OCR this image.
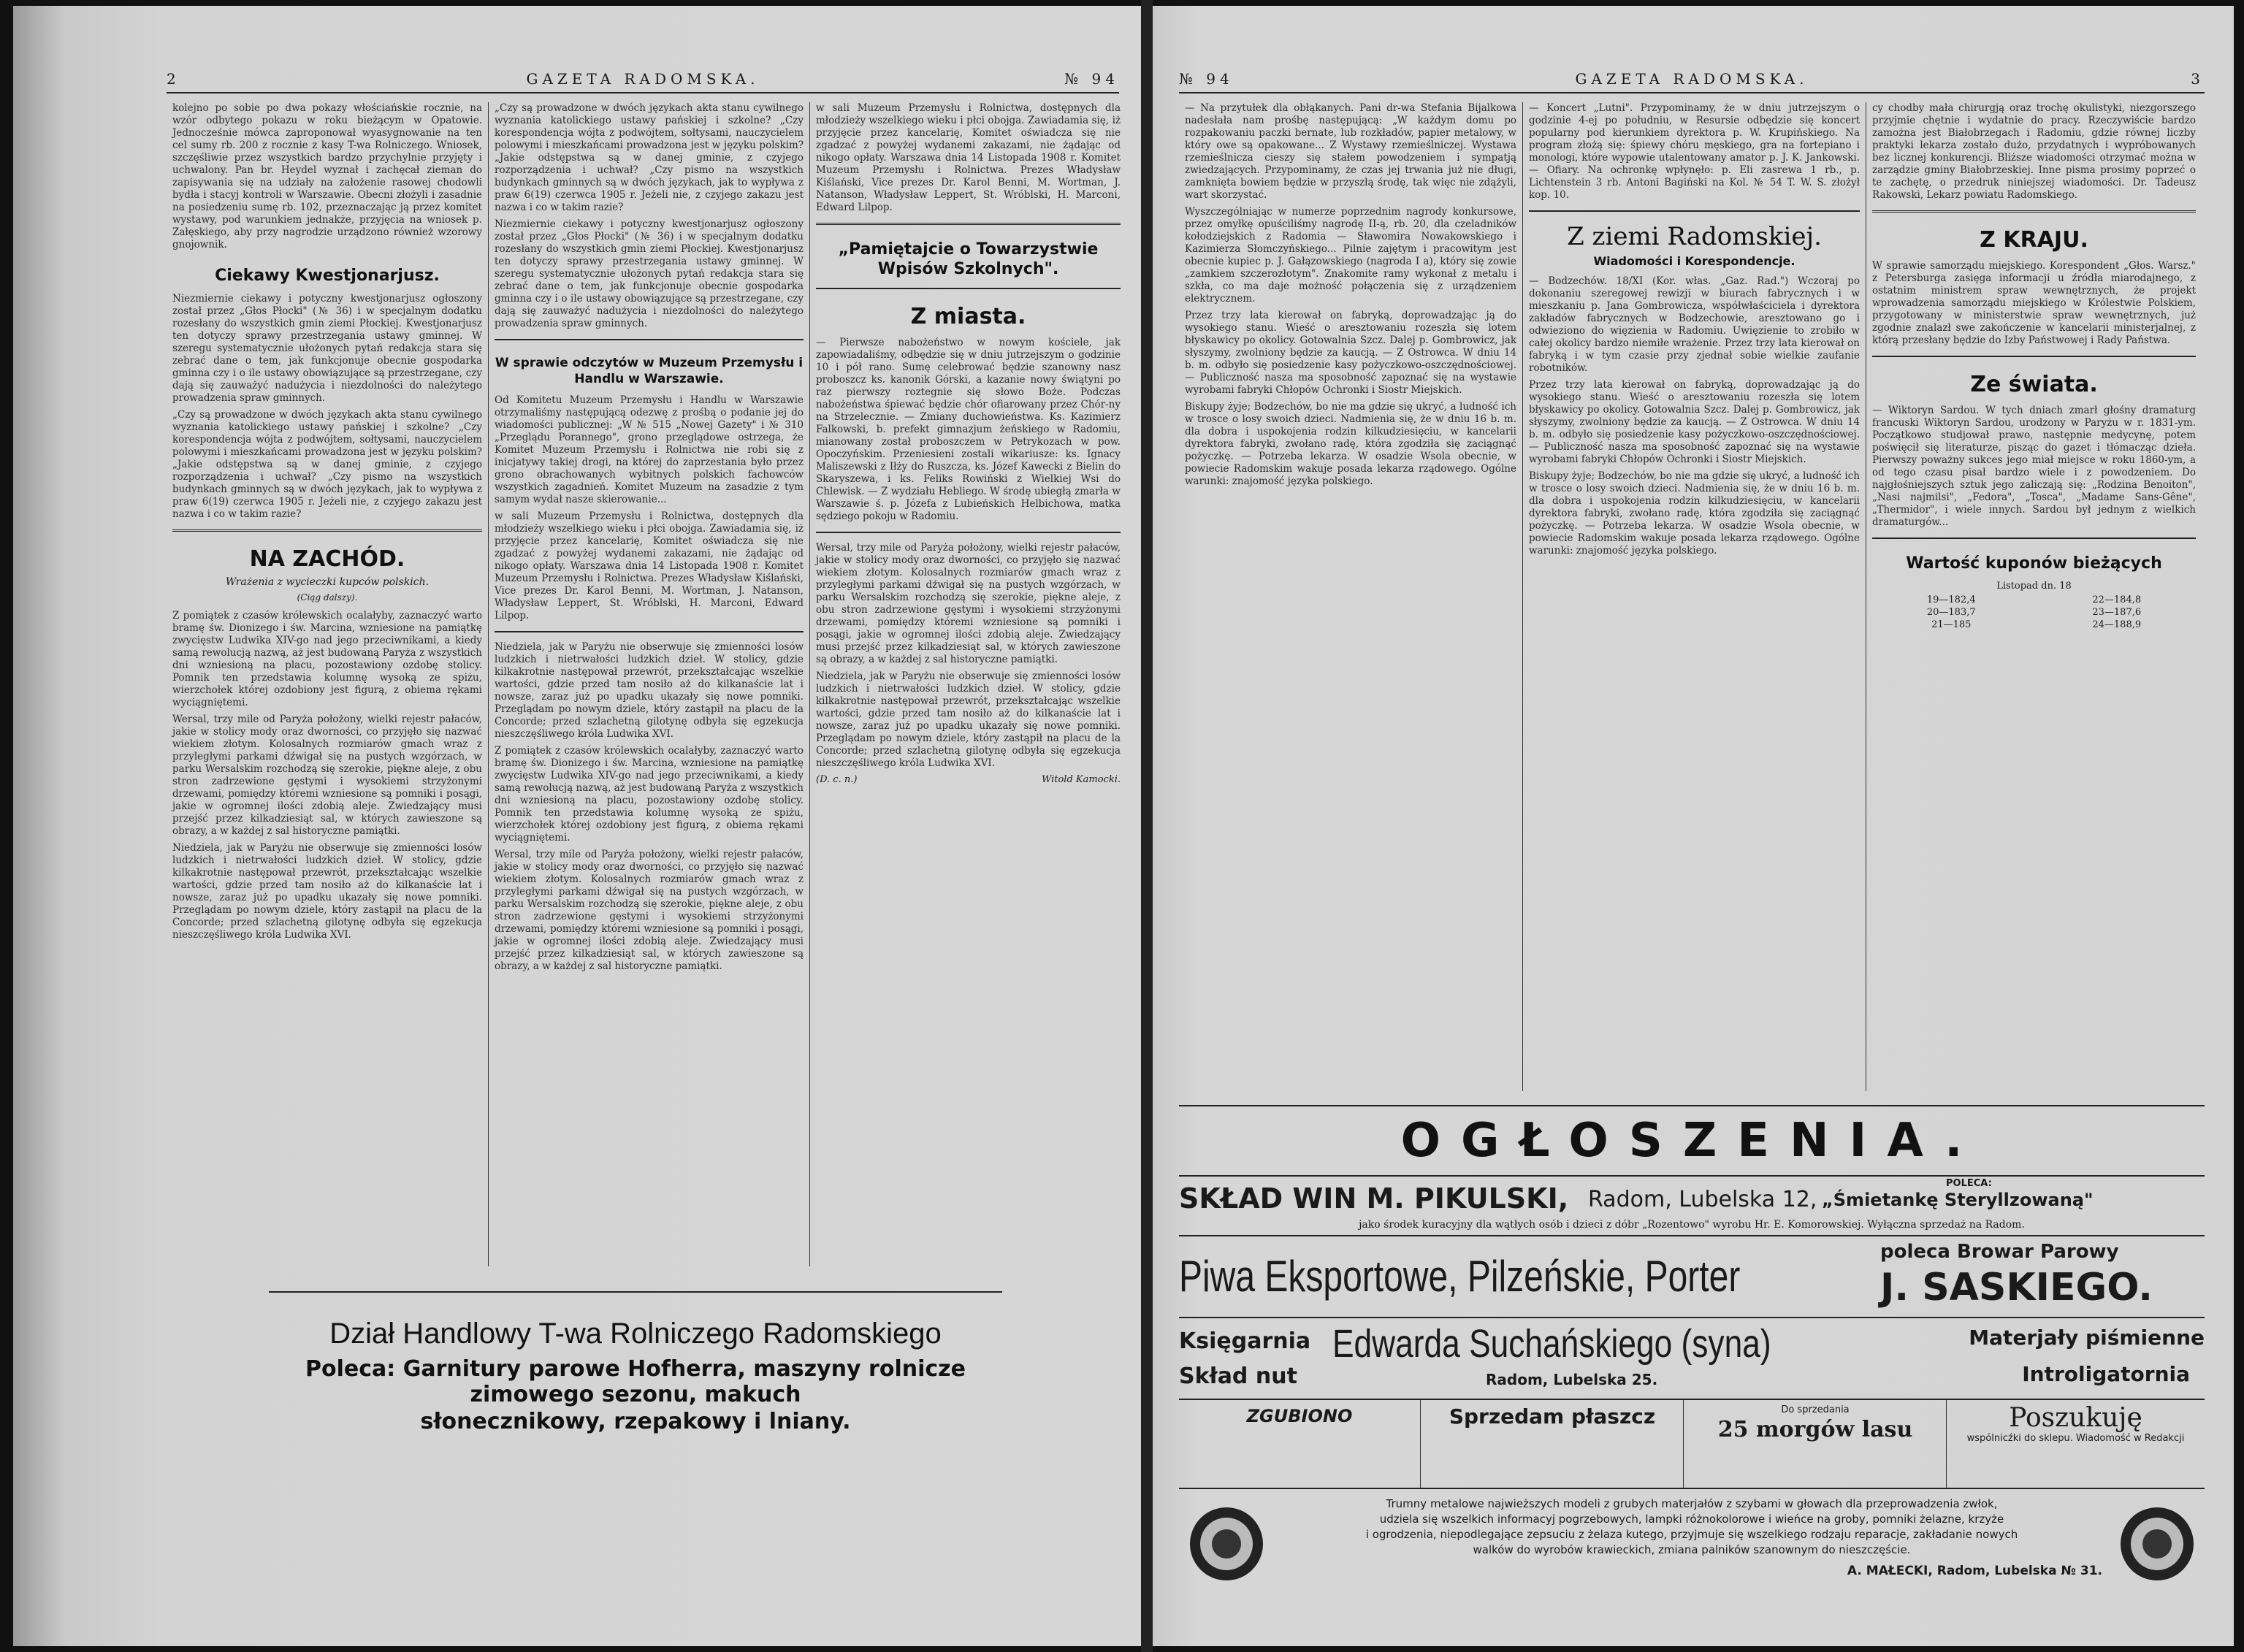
2	GAZETA RADOMSKA.	№ 94

kolejno po sobie po dwa pokazy włościańskie rocznie, na wzór odbytego pokazu w roku bieżącym w Opatowie. Jednocześnie mówca zaproponował wyasygnowanie na ten cel sumy rb. 200 z rocznie z kasy T-wa Rolniczego. Wniosek, szczęśliwie przez wszystkich bardzo przychylnie przyjęty i uchwalony. Pan br. Heydel wyznał i zachęcał zieman do zapisywania się na udziały na założenie rasowej chodowli bydła i stacyj kontroli w Warszawie. Obecni złożyli i zasadnie na posiedzeniu sumę rb. 102, przeznaczając ją przez komitet wystawy, pod warunkiem jednakże, przyjęcia na wniosek p. Załęskiego, aby przy nagrodzie urządzono również wzorowy gnojownik.

Ciekawy Kwestjonarjusz.

Niezmiernie ciekawy i potyczny kwestjonarjusz ogłoszony został przez „Głos Płocki" (№ 36) i w specjalnym dodatku rozesłany do wszystkich gmin ziemi Płockiej. Kwestjonarjusz ten dotyczy sprawy przestrzegania ustawy gminnej. W szeregu systematycznie ułożonych pytań redakcja stara się zebrać dane o tem, jak funkcjonuje obecnie gospodarka gminna czy i o ile ustawy obowiązujące są przestrzegane, czy dają się zauważyć nadużycia i niezdolności do należytego prowadzenia spraw gminnych.

„Czy są prowadzone w dwóch językach akta stanu cywilnego wyznania katolickiego ustawy pańskiej i szkolne? „Czy korespondencja wójta z podwójtem, sołtysami, nauczycielem polowymi i mieszkańcami prowadzona jest w języku polskim? „Jakie odstępstwa są w danej gminie, z czyjego rozporządzenia i uchwał? „Czy pismo na wszystkich budynkach gminnych są w dwóch językach, jak to wypływa z praw 6(19) czerwca 1905 r. Jeżeli nie, z czyjego zakazu jest nazwa i co w takim razie?

NA ZACHÓD.
Wrażenia z wycieczki kupców polskich.
(Ciąg dalszy).

Z pomiątek z czasów królewskich ocalałyby, zaznaczyć warto bramę św. Dionizego i św. Marcina, wzniesione na pamiątkę zwycięstw Ludwika XIV-go nad jego przeciwnikami, a kiedy samą rewolucją nazwą, aż jest budowaną Paryża z wszystkich dni wzniesioną na placu, pozostawiony ozdobę stolicy. Pomnik ten przedstawia kolumnę wysoką ze spiżu, wierzchołek której ozdobiony jest figurą, z obiema rękami wyciągniętemi.

Wersal, trzy mile od Paryża położony, wielki rejestr pałaców, jakie w stolicy mody oraz dworności, co przyjęło się nazwać wiekiem złotym. Kolosalnych rozmiarów gmach wraz z przyległymi parkami dźwigał się na pustych wzgórzach, w parku Wersalskim rozchodzą się szerokie, piękne aleje, z obu stron zadrzewione gęstymi i wysokiemi strzyżonymi drzewami, pomiędzy któremi wzniesione są pomniki i posągi, jakie w ogromnej ilości zdobią aleje. Zwiedzający musi przejść przez kilkadziesiąt sal, w których zawieszone są obrazy, a w każdej z sal historyczne pamiątki.

Niedziela, jak w Paryżu nie obserwuje się zmienności losów ludzkich i nietrwałości ludzkich dzieł. W stolicy, gdzie kilkakrotnie następował przewrót, przekształcając wszelkie wartości, gdzie przed tam nosiło aż do kilkanaście lat i nowsze, zaraz już po upadku ukazały się nowe pomniki. Przeglądam po nowym dziele, który zastąpił na placu de la Concorde; przed szlachetną gilotynę odbyła się egzekucja nieszczęśliwego króla Ludwika XVI.

„Czy są prowadzone w dwóch językach akta stanu cywilnego wyznania katolickiego ustawy pańskiej i szkolne? „Czy korespondencja wójta z podwójtem, sołtysami, nauczycielem polowymi i mieszkańcami prowadzona jest w języku polskim? „Jakie odstępstwa są w danej gminie, z czyjego rozporządzenia i uchwał? „Czy pismo na wszystkich budynkach gminnych są w dwóch językach, jak to wypływa z praw 6(19) czerwca 1905 r. Jeżeli nie, z czyjego zakazu jest nazwa i co w takim razie?

Niezmiernie ciekawy i potyczny kwestjonarjusz ogłoszony został przez „Głos Płocki" (№ 36) i w specjalnym dodatku rozesłany do wszystkich gmin ziemi Płockiej. Kwestjonarjusz ten dotyczy sprawy przestrzegania ustawy gminnej. W szeregu systematycznie ułożonych pytań redakcja stara się zebrać dane o tem, jak funkcjonuje obecnie gospodarka gminna czy i o ile ustawy obowiązujące są przestrzegane, czy dają się zauważyć nadużycia i niezdolności do należytego prowadzenia spraw gminnych.

W sprawie odczytów w Muzeum Przemysłu i Handlu w Warszawie.

Od Komitetu Muzeum Przemysłu i Handlu w Warszawie otrzymaliśmy następującą odezwę z prośbą o podanie jej do wiadomości publicznej: „W № 515 „Nowej Gazety" i № 310 „Przeglądu Porannego", grono przeglądowe ostrzega, że Komitet Muzeum Przemysłu i Rolnictwa nie robi się z inicjatywy takiej drogi, na której do zaprzestania było przez grono obrachowanych wybitnych polskich fachowców wszystkich zagadnień. Komitet Muzeum na zasadzie z tym samym wydał nasze skierowanie...

w sali Muzeum Przemysłu i Rolnictwa, dostępnych dla młodzieży wszelkiego wieku i płci obojga. Zawiadamia się, iż przyjęcie przez kancelarię, Komitet oświadcza się nie zgadzać z powyżej wydanemi zakazami, nie żądając od nikogo opłaty. Warszawa dnia 14 Listopada 1908 r. Komitet Muzeum Przemysłu i Rolnictwa. Prezes Władysław Kiślański, Vice prezes Dr. Karol Benni, M. Wortman, J. Natanson, Władysław Leppert, St. Wróblski, H. Marconi, Edward Lilpop.

Niedziela, jak w Paryżu nie obserwuje się zmienności losów ludzkich i nietrwałości ludzkich dzieł. W stolicy, gdzie kilkakrotnie następował przewrót, przekształcając wszelkie wartości, gdzie przed tam nosiło aż do kilkanaście lat i nowsze, zaraz już po upadku ukazały się nowe pomniki. Przeglądam po nowym dziele, który zastąpił na placu de la Concorde; przed szlachetną gilotynę odbyła się egzekucja nieszczęśliwego króla Ludwika XVI.

Z pomiątek z czasów królewskich ocalałyby, zaznaczyć warto bramę św. Dionizego i św. Marcina, wzniesione na pamiątkę zwycięstw Ludwika XIV-go nad jego przeciwnikami, a kiedy samą rewolucją nazwą, aż jest budowaną Paryża z wszystkich dni wzniesioną na placu, pozostawiony ozdobę stolicy. Pomnik ten przedstawia kolumnę wysoką ze spiżu, wierzchołek której ozdobiony jest figurą, z obiema rękami wyciągniętemi.

Wersal, trzy mile od Paryża położony, wielki rejestr pałaców, jakie w stolicy mody oraz dworności, co przyjęło się nazwać wiekiem złotym. Kolosalnych rozmiarów gmach wraz z przyległymi parkami dźwigał się na pustych wzgórzach, w parku Wersalskim rozchodzą się szerokie, piękne aleje, z obu stron zadrzewione gęstymi i wysokiemi strzyżonymi drzewami, pomiędzy któremi wzniesione są pomniki i posągi, jakie w ogromnej ilości zdobią aleje. Zwiedzający musi przejść przez kilkadziesiąt sal, w których zawieszone są obrazy, a w każdej z sal historyczne pamiątki.

w sali Muzeum Przemysłu i Rolnictwa, dostępnych dla młodzieży wszelkiego wieku i płci obojga. Zawiadamia się, iż przyjęcie przez kancelarię, Komitet oświadcza się nie zgadzać z powyżej wydanemi zakazami, nie żądając od nikogo opłaty. Warszawa dnia 14 Listopada 1908 r. Komitet Muzeum Przemysłu i Rolnictwa. Prezes Władysław Kiślański, Vice prezes Dr. Karol Benni, M. Wortman, J. Natanson, Władysław Leppert, St. Wróblski, H. Marconi, Edward Lilpop.

„Pamiętajcie o Towarzystwie Wpisów Szkolnych".
Z miasta.

— Pierwsze nabożeństwo w nowym kościele, jak zapowiadaliśmy, odbędzie się w dniu jutrzejszym o godzinie 10 i pół rano. Sumę celebrować będzie szanowny nasz proboszcz ks. kanonik Górski, a kazanie nowy świątyni po raz pierwszy roztegnie się słowo Boże. Podczas nabożeństwa śpiewać będzie chór ofiarowany przez Chór-ny na Strzelecznie. — Zmiany duchowieństwa. Ks. Kazimierz Falkowski, b. prefekt gimnazjum żeńskiego w Radomiu, mianowany został proboszczem w Petrykozach w pow. Opoczyńskim. Przeniesieni zostali wikariusze: ks. Ignacy Maliszewski z Iłży do Ruszcza, ks. Józef Kawecki z Bielin do Skaryszewa, i ks. Feliks Rowiński z Wielkiej Wsi do Chlewisk. — Z wydziału Hebliego. W środę ubiegłą zmarła w Warszawie ś. p. Józefa z Lubieńskich Helbichowa, matka sędziego pokoju w Radomiu.

Wersal, trzy mile od Paryża położony, wielki rejestr pałaców, jakie w stolicy mody oraz dworności, co przyjęło się nazwać wiekiem złotym. Kolosalnych rozmiarów gmach wraz z przyległymi parkami dźwigał się na pustych wzgórzach, w parku Wersalskim rozchodzą się szerokie, piękne aleje, z obu stron zadrzewione gęstymi i wysokiemi strzyżonymi drzewami, pomiędzy któremi wzniesione są pomniki i posągi, jakie w ogromnej ilości zdobią aleje. Zwiedzający musi przejść przez kilkadziesiąt sal, w których zawieszone są obrazy, a w każdej z sal historyczne pamiątki.

Niedziela, jak w Paryżu nie obserwuje się zmienności losów ludzkich i nietrwałości ludzkich dzieł. W stolicy, gdzie kilkakrotnie następował przewrót, przekształcając wszelkie wartości, gdzie przed tam nosiło aż do kilkanaście lat i nowsze, zaraz już po upadku ukazały się nowe pomniki. Przeglądam po nowym dziele, który zastąpił na placu de la Concorde; przed szlachetną gilotynę odbyła się egzekucja nieszczęśliwego króla Ludwika XVI.

(D. c. n.)	Witold Kamocki.
Dział Handlowy T-wa Rolniczego Radomskiego
Poleca: Garnitury parowe Hofherra, maszyny rolnicze zimowego sezonu, makuch
słonecznikowy, rzepakowy i lniany.
№ 94	GAZETA RADOMSKA.	3

— Na przytułek dla obłąkanych. Pani dr-wa Stefania Bijalkowa nadesłała nam prośbę następującą: „W każdym domu po rozpakowaniu paczki bernate, lub rozkładów, papier metalowy, w który owe są opakowane... Z Wystawy rzemieślniczej. Wystawa rzemieślnicza cieszy się stałem powodzeniem i sympatją zwiedzających. Przypominamy, że czas jej trwania już nie długi, zamknięta bowiem będzie w przyszłą środę, tak więc nie zdążyli, wart skorzystać.

Wyszczególniając w numerze poprzednim nagrody konkursowe, przez omyłkę opuściliśmy nagrodę II-ą, rb. 20, dla czeladników kołodziejskich z Radomia — Sławomira Nowakowskiego i Kazimierza Słomczyńskiego... Pilnie zajętym i pracowitym jest obecnie kupiec p. J. Gałązowskiego (nagroda I a), który się zowie „zamkiem szczerozłotym". Znakomite ramy wykonał z metalu i szkła, co ma daje możność połączenia się z urządzeniem elektrycznem.

Przez trzy lata kierował on fabryką, doprowadzając ją do wysokiego stanu. Wieść o aresztowaniu rozeszła się lotem błyskawicy po okolicy. Gotowalnia Szcz. Dalej p. Gombrowicz, jak słyszymy, zwolniony będzie za kaucją. — Z Ostrowca. W dniu 14 b. m. odbyło się posiedzenie kasy pożyczkowo-oszczędnościowej. — Publiczność nasza ma sposobność zapoznać się na wystawie wyrobami fabryki Chłopów Ochronki i Siostr Miejskich.

Biskupy żyje; Bodzechów, bo nie ma gdzie się ukryć, a ludność ich w trosce o losy swoich dzieci. Nadmienia się, że w dniu 16 b. m. dla dobra i uspokojenia rodzin kilkudziesięciu, w kancelarii dyrektora fabryki, zwołano radę, która zgodziła się zaciągnąć pożyczkę. — Potrzeba lekarza. W osadzie Wsola obecnie, w powiecie Radomskim wakuje posada lekarza rządowego. Ogólne warunki: znajomość języka polskiego.

— Koncert „Lutni". Przypominamy, że w dniu jutrzejszym o godzinie 4-ej po południu, w Resursie odbędzie się koncert popularny pod kierunkiem dyrektora p. W. Krupińskiego. Na program złożą się: śpiewy chóru męskiego, gra na fortepiano i monologi, które wypowie utalentowany amator p. J. K. Jankowski. — Ofiary. Na ochronkę wpłynęło: p. Eli zasrewa 1 rb., p. Lichtenstein 3 rb. Antoni Bagiński na Kol. № 54 T. W. S. złożył kop. 10.

Z ziemi Radomskiej.
Wiadomości i Korespondencje.

— Bodzechów. 18/XI (Kor. włas. „Gaz. Rad.") Wczoraj po dokonaniu szeregowej rewizji w biurach fabrycznych i w mieszkaniu p. Jana Gombrowicza, współwłaściciela i dyrektora zakładów fabrycznych w Bodzechowie, aresztowano go i odwieziono do więzienia w Radomiu. Uwięzienie to zrobiło w całej okolicy bardzo niemiłe wrażenie. Przez trzy lata kierował on fabryką i w tym czasie przy zjednał sobie wielkie zaufanie robotników.

Przez trzy lata kierował on fabryką, doprowadzając ją do wysokiego stanu. Wieść o aresztowaniu rozeszła się lotem błyskawicy po okolicy. Gotowalnia Szcz. Dalej p. Gombrowicz, jak słyszymy, zwolniony będzie za kaucją. — Z Ostrowca. W dniu 14 b. m. odbyło się posiedzenie kasy pożyczkowo-oszczędnościowej. — Publiczność nasza ma sposobność zapoznać się na wystawie wyrobami fabryki Chłopów Ochronki i Siostr Miejskich.

Biskupy żyje; Bodzechów, bo nie ma gdzie się ukryć, a ludność ich w trosce o losy swoich dzieci. Nadmienia się, że w dniu 16 b. m. dla dobra i uspokojenia rodzin kilkudziesięciu, w kancelarii dyrektora fabryki, zwołano radę, która zgodziła się zaciągnąć pożyczkę. — Potrzeba lekarza. W osadzie Wsola obecnie, w powiecie Radomskim wakuje posada lekarza rządowego. Ogólne warunki: znajomość języka polskiego.

cy chodby mała chirurgją oraz trochę okulistyki, niezgorszego przyjmie chętnie i wydatnie do pracy. Rzeczywiście bardzo zamożna jest Białobrzegach i Radomiu, gdzie równej liczby praktyki lekarza zostało dużo, przydatnych i wypróbowanych bez licznej konkurencji. Bliższe wiadomości otrzymać można w zarządzie gminy Białobrzeskiej. Inne pisma prosimy poprzeć o te zachętę, o przedruk niniejszej wiadomości. Dr. Tadeusz Rakowski, Lekarz powiatu Radomskiego.

Z KRAJU.

W sprawie samorządu miejskiego. Korespondent „Głos. Warsz." z Petersburga zasięga informacji u źródła miarodajnego, z ostatnim ministrem spraw wewnętrznych, że projekt wprowadzenia samorządu miejskiego w Królestwie Polskiem, przygotowany w ministerstwie spraw wewnętrznych, już zgodnie znalazł swe zakończenie w kancelarii ministerjalnej, z którą przesłany będzie do Izby Państwowej i Rady Państwa.

Ze świata.

— Wiktoryn Sardou. W tych dniach zmarł głośny dramaturg francuski Wiktoryn Sardou, urodzony w Paryżu w r. 1831-ym. Początkowo studjował prawo, następnie medycynę, potem poświęcił się literaturze, pisząc do gazet i tłómacząc dzieła. Pierwszy poważny sukces jego miał miejsce w roku 1860-ym, a od tego czasu pisał bardzo wiele i z powodzeniem. Do najgłośniejszych sztuk jego zaliczają się: „Rodzina Benoiton", „Nasi najmilsi", „Fedora", „Tosca", „Madame Sans-Gêne", „Thermidor", i wiele innych. Sardou był jednym z wielkich dramaturgów...

Wartość kuponów bieżących
Listopad dn. 18
19—182,4	22—184,8
20—183,7	23—187,6
21—185	24—188,9
OGŁOSZENIA.
SKŁAD WIN M. PIKULSKI, Radom, Lubelska 12,
POLECA:
„Śmietankę Steryllzowaną"
jako środek kuracyjny dla wątłych osób i dzieci z dóbr „Rozentowo" wyrobu Hr. E. Komorowskiej. Wyłączna sprzedaż na Radom.
Piwa Eksportowe, Pilzeńskie, Porter	poleca Browar Parowy
J. SASKIEGO.
Księgarnia
Skład nut
Edwarda Suchańskiego (syna)
Radom, Lubelska 25.
Materjały piśmienne
Introligatornia
ZGUBIONO	Sprzedam płaszcz	Do sprzedania
25 morgów lasu	Poszukuję
wspólnicźki do sklepu. Wiadomość w Redakcji
Trumny metalowe najwieższych modeli z grubych materjałów z szybami w głowach dla przeprowadzenia zwłok,
udziela się wszelkich informacyj pogrzebowych, lampki różnokolorowe i wieńce na groby, pomniki żelazne, krzyże
i ogrodzenia, niepodlegające zepsuciu z żelaza kutego, przyjmuje się wszelkiego rodzaju reparacje, zakładanie nowych
walków do wyrobów krawieckich, zmiana palników szanownym do nieszczęście.
A. MAŁECKI, Radom, Lubelska № 31.
